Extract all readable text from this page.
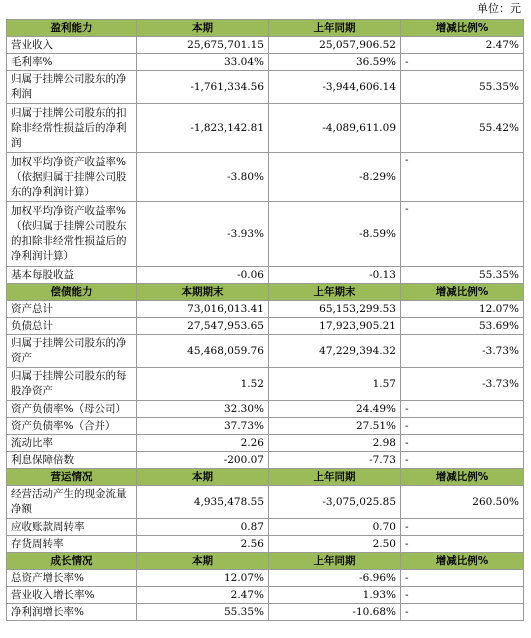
单位：元
盈利能力	本期	上年同期	增减比例%
营业收入	25,675,701.15	25,057,906.52	2.47%
毛利率%	33.04%	36.59%	-
归属于挂牌公司股东的净利润	-1,761,334.56	-3,944,606.14	55.35%
归属于挂牌公司股东的扣除非经常性损益后的净利润	-1,823,142.81	-4,089,611.09	55.42%
加权平均净资产收益率%（依据归属于挂牌公司股东的净利润计算）	-3.80%	-8.29%	-
加权平均净资产收益率%（依归属于挂牌公司股东的扣除非经常性损益后的净利润计算）	-3.93%	-8.59%	-
基本每股收益	-0.06	-0.13	55.35%
偿债能力	本期期末	上年期末	增减比例%
资产总计	73,016,013.41	65,153,299.53	12.07%
负债总计	27,547,953.65	17,923,905.21	53.69%
归属于挂牌公司股东的净资产	45,468,059.76	47,229,394.32	-3.73%
归属于挂牌公司股东的每股净资产	1.52	1.57	-3.73%
资产负债率%（母公司）	32.30%	24.49%	-
资产负债率%（合并）	37.73%	27.51%	-
流动比率	2.26	2.98	-
利息保障倍数	-200.07	-7.73	-
营运情况	本期	上年同期	增减比例%
经营活动产生的现金流量净额	4,935,478.55	-3,075,025.85	260.50%
应收账款周转率	0.87	0.70	-
存货周转率	2.56	2.50	-
成长情况	本期	上年同期	增减比例%
总资产增长率%	12.07%	-6.96%	-
营业收入增长率%	2.47%	1.93%	-
净利润增长率%	55.35%	-10.68%	-
